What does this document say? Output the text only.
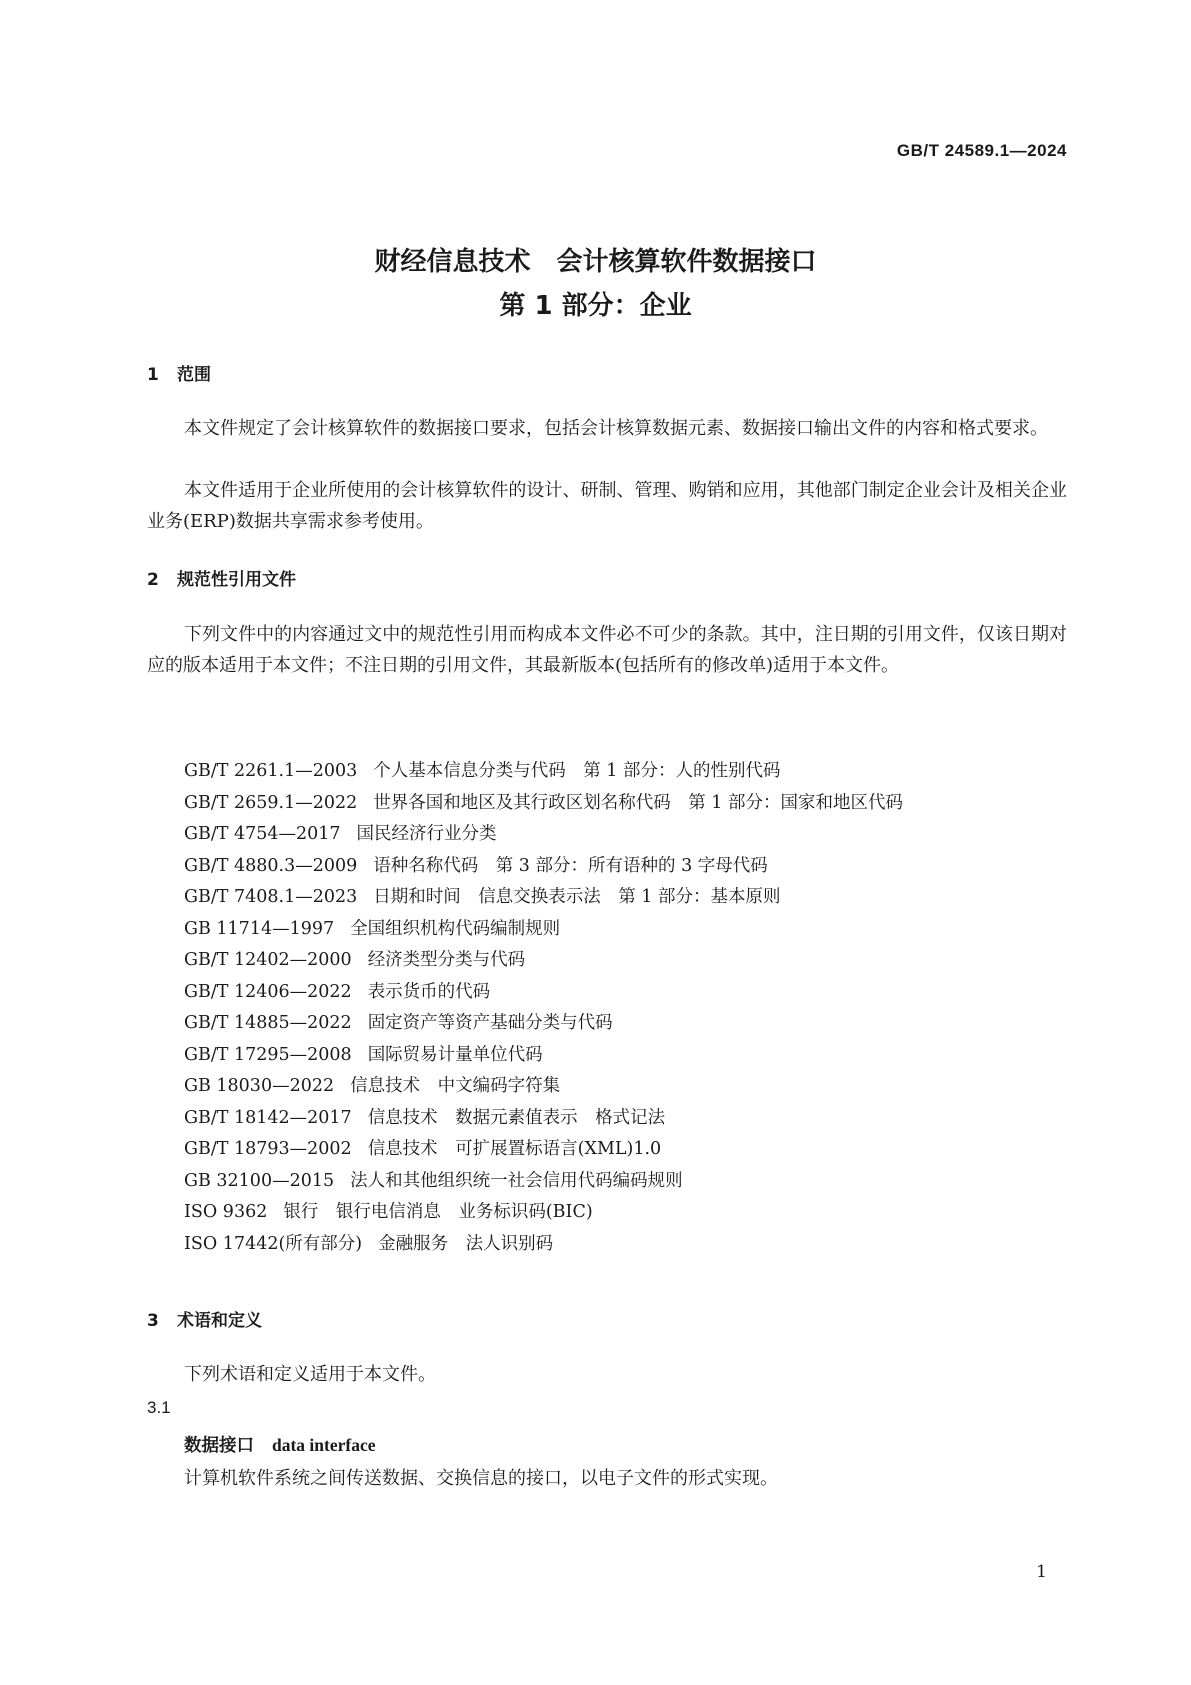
GB/T 24589.1—2024
财经信息技术　会计核算软件数据接口
第 1 部分：企业
1 范围
本文件规定了会计核算软件的数据接口要求，包括会计核算数据元素、数据接口输出文件的内容和格式要求。
本文件适用于企业所使用的会计核算软件的设计、研制、管理、购销和应用，其他部门制定企业会计及相关企业业务(ERP)数据共享需求参考使用。
2 规范性引用文件
下列文件中的内容通过文中的规范性引用而构成本文件必不可少的条款。其中，注日期的引用文件，仅该日期对应的版本适用于本文件；不注日期的引用文件，其最新版本(包括所有的修改单)适用于本文件。
GB/T 2261.1—2003 个人基本信息分类与代码　第 1 部分：人的性别代码
GB/T 2659.1—2022 世界各国和地区及其行政区划名称代码　第 1 部分：国家和地区代码
GB/T 4754—2017 国民经济行业分类
GB/T 4880.3—2009 语种名称代码　第 3 部分：所有语种的 3 字母代码
GB/T 7408.1—2023 日期和时间　信息交换表示法　第 1 部分：基本原则
GB 11714—1997 全国组织机构代码编制规则
GB/T 12402—2000 经济类型分类与代码
GB/T 12406—2022 表示货币的代码
GB/T 14885—2022 固定资产等资产基础分类与代码
GB/T 17295—2008 国际贸易计量单位代码
GB 18030—2022 信息技术　中文编码字符集
GB/T 18142—2017 信息技术　数据元素值表示　格式记法
GB/T 18793—2002 信息技术　可扩展置标语言(XML)1.0
GB 32100—2015 法人和其他组织统一社会信用代码编码规则
ISO 9362 银行　银行电信消息　业务标识码(BIC)
ISO 17442(所有部分) 金融服务　法人识别码
3 术语和定义
下列术语和定义适用于本文件。
3.1
数据接口 data interface
计算机软件系统之间传送数据、交换信息的接口，以电子文件的形式实现。
1
